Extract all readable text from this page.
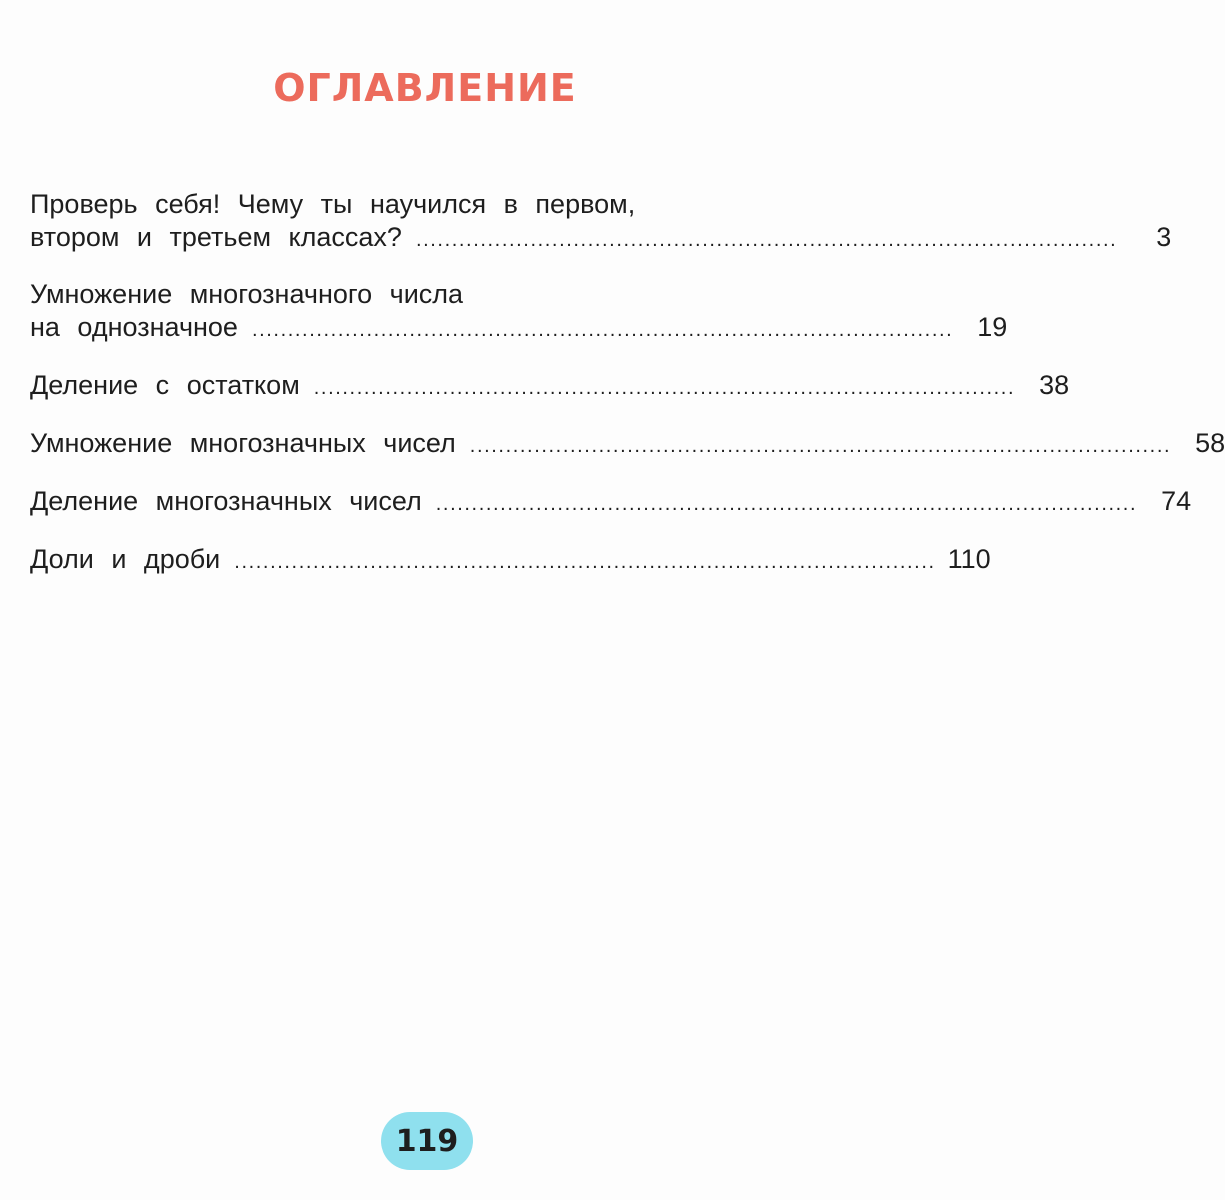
ОГЛАВЛЕНИЕ
Проверь себя! Чему ты научился в первом,
втором и третьем классах? ..................................................................................................	3
Умножение многозначного числа
на однозначное .................................................................................................. 19
Деление с остатком .................................................................................................. 38
Умножение многозначных чисел .................................................................................................. 58
Деление многозначных чисел .................................................................................................. 74
Доли и дроби .................................................................................................. 110
119
